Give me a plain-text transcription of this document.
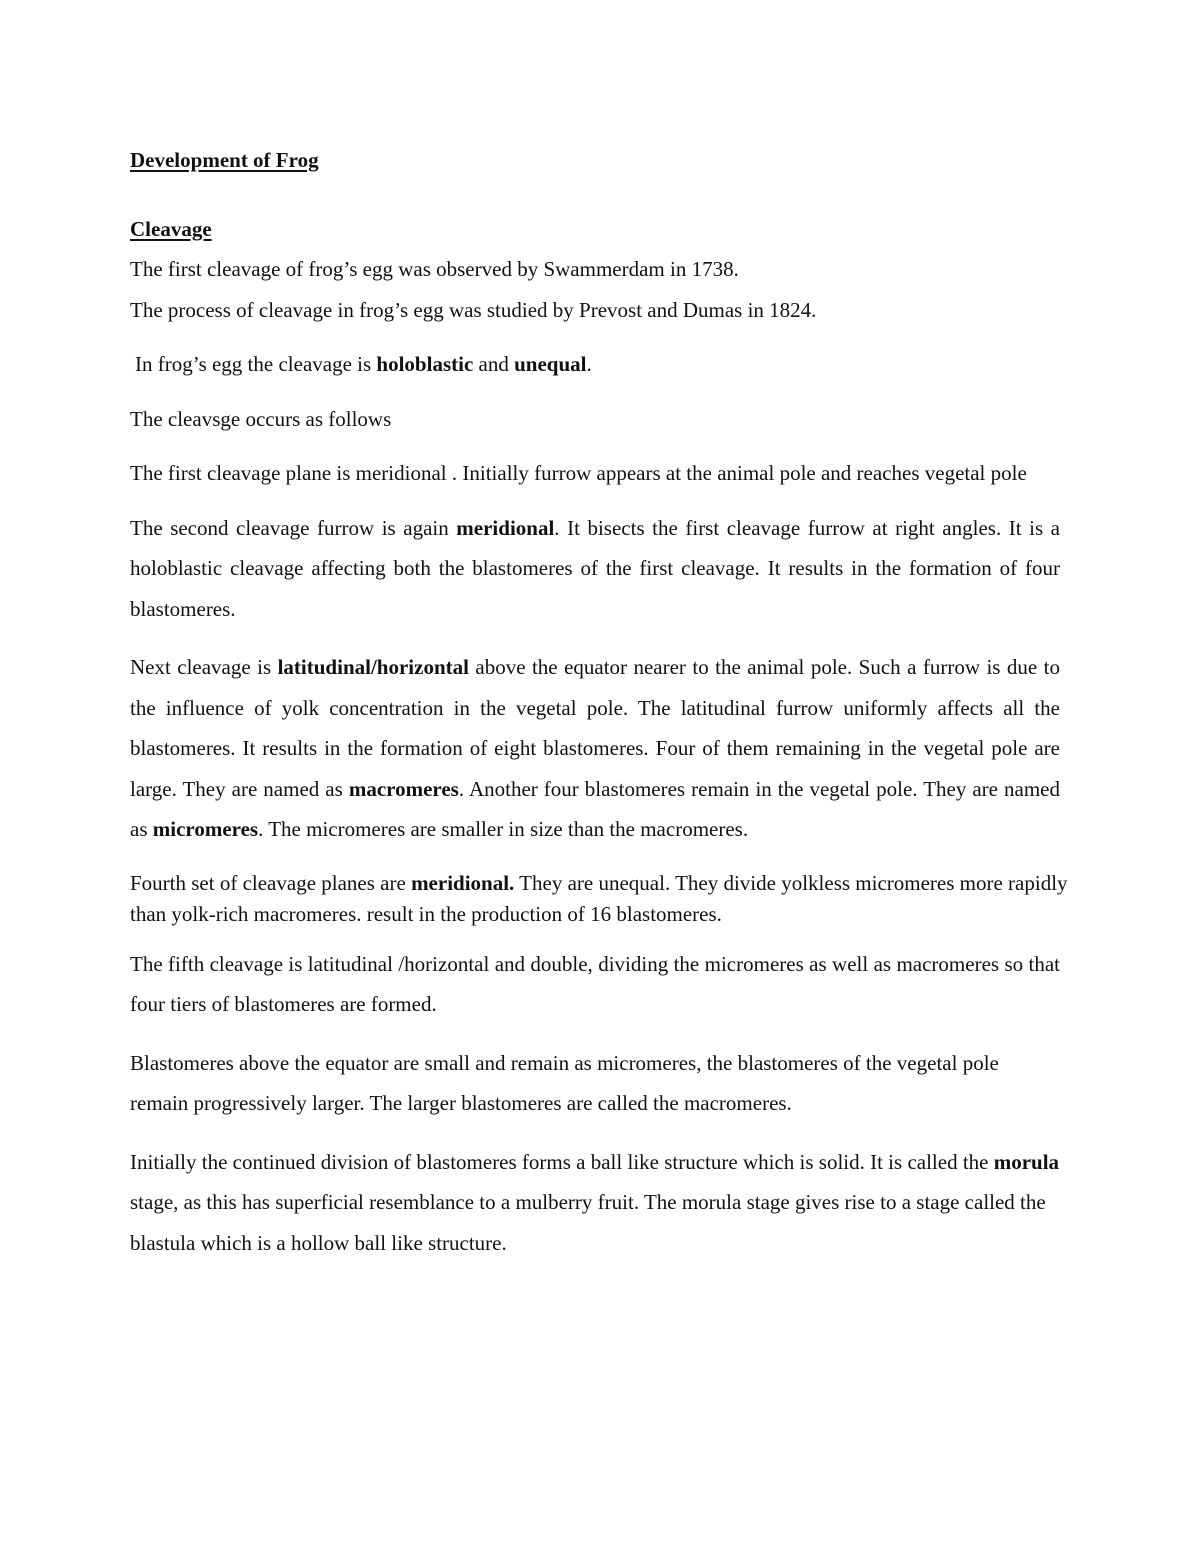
Development of Frog

Cleavage

The first cleavage of frog’s egg was observed by Swammerdam in 1738.

The process of cleavage in frog’s egg was studied by Prevost and Dumas in 1824.

In frog’s egg the cleavage is holoblastic and unequal.

The cleavsge occurs as follows

The first cleavage plane is meridional . Initially furrow appears at the animal pole and reaches vegetal pole

The second cleavage furrow is again meridional. It bisects the first cleavage furrow at right angles. It is a holoblastic cleavage affecting both the blastomeres of the first cleavage. It results in the formation of four blastomeres.

Next cleavage is latitudinal/horizontal above the equator nearer to the animal pole. Such a furrow is due to the influence of yolk concentration in the vegetal pole. The latitudinal furrow uniformly affects all the blastomeres. It results in the formation of eight blastomeres. Four of them remaining in the vegetal pole are large. They are named as macromeres. Another four blastomeres remain in the vegetal pole. They are named as micromeres. The micromeres are smaller in size than the macromeres.

Fourth set of cleavage planes are meridional. They are unequal. They divide yolkless micromeres more rapidly than yolk-rich macromeres. result in the production of 16 blastomeres.

The fifth cleavage is latitudinal /horizontal and double, dividing the micromeres as well as macromeres so that four tiers of blastomeres are formed.

Blastomeres above the equator are small and remain as micromeres, the blastomeres of the vegetal pole remain progressively larger. The larger blastomeres are called the macromeres.

Initially the continued division of blastomeres forms a ball like structure which is solid. It is called the morula stage, as this has superficial resemblance to a mulberry fruit. The morula stage gives rise to a stage called the blastula which is a hollow ball like structure.
